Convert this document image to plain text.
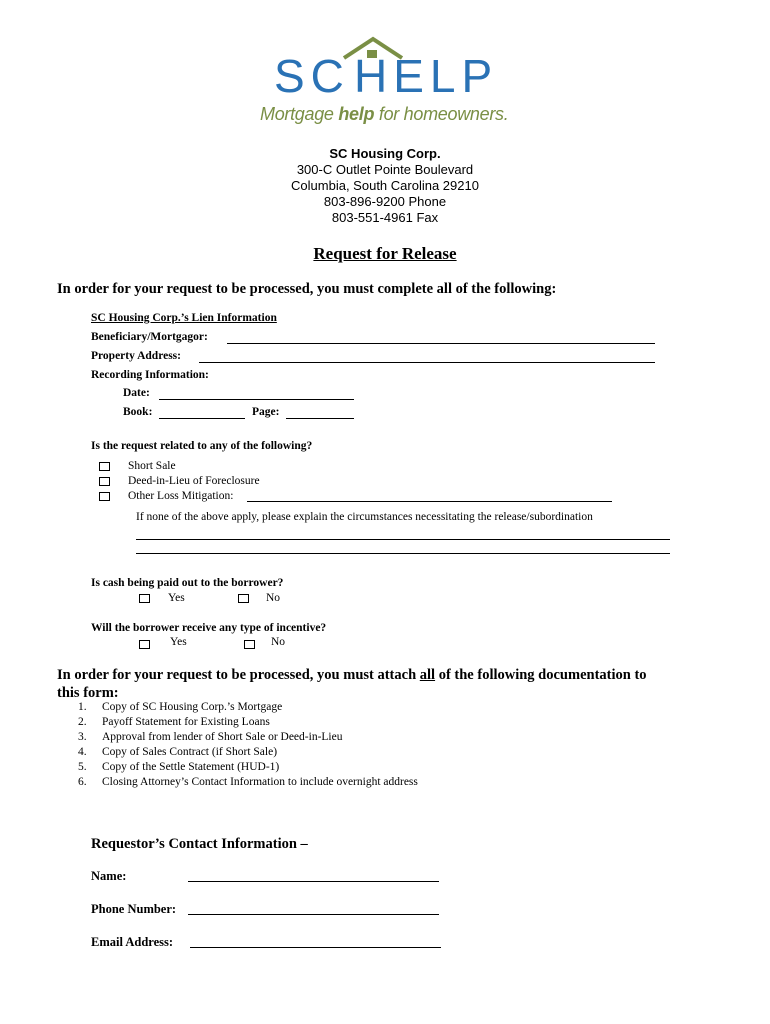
SC HELP
Mortgage help for homeowners.
SC Housing Corp.
300-C Outlet Pointe Boulevard
Columbia, South Carolina 29210
803-896-9200 Phone
803-551-4961 Fax
Request for Release
In order for your request to be processed, you must complete all of the following:
SC Housing Corp.’s Lien Information
Beneficiary/Mortgagor:
Property Address:
Recording Information:
Date:
Book:	Page:
Is the request related to any of the following?
Short Sale
Deed-in-Lieu of Foreclosure
Other Loss Mitigation:
If none of the above apply, please explain the circumstances necessitating the release/subordination
Is cash being paid out to the borrower?
Yes	No
Will the borrower receive any type of incentive?
Yes	No
In order for your request to be processed, you must attach all of the following documentation to
this form:
1. Copy of SC Housing Corp.’s Mortgage
2. Payoff Statement for Existing Loans
3. Approval from lender of Short Sale or Deed-in-Lieu
4. Copy of Sales Contract (if Short Sale)
5. Copy of the Settle Statement (HUD-1)
6. Closing Attorney’s Contact Information to include overnight address
Requestor’s Contact Information –
Name:
Phone Number:
Email Address:
